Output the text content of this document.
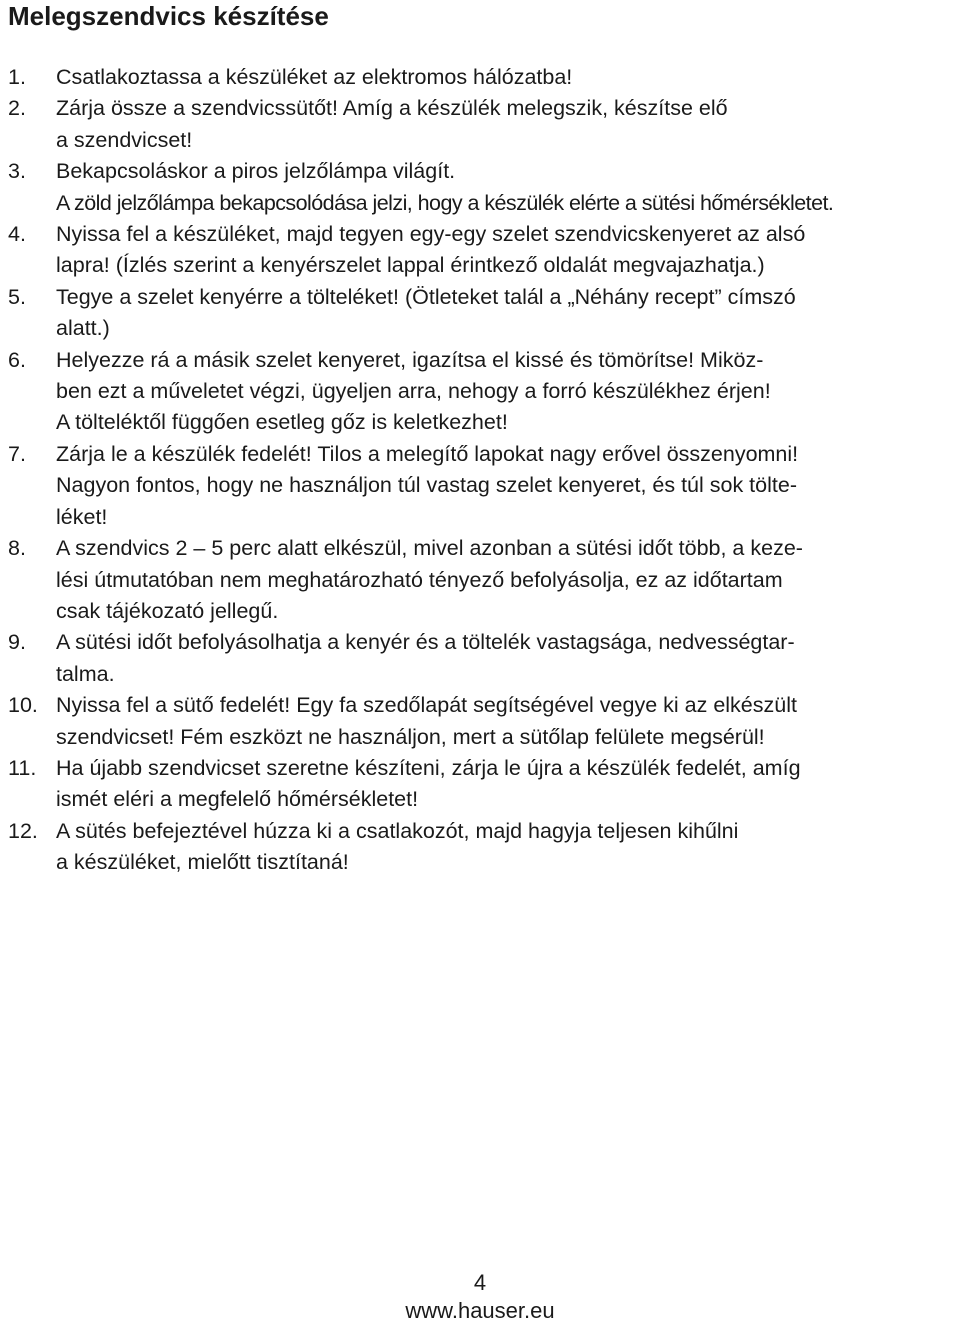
Melegszendvics készítése
1. Csatlakoztassa a készüléket az elektromos hálózatba!
2. Zárja össze a szendvicssütőt! Amíg a készülék melegszik, készítse elő
a szendvicset!
3. Bekapcsoláskor a piros jelzőlámpa világít.
A zöld jelzőlámpa bekapcsolódása jelzi, hogy a készülék elérte a sütési hőmérsékletet.
4. Nyissa fel a készüléket, majd tegyen egy-egy szelet szendvicskenyeret az alsó
lapra! (Ízlés szerint a kenyérszelet lappal érintkező oldalát megvajazhatja.)
5. Tegye a szelet kenyérre a tölteléket! (Ötleteket talál a „Néhány recept” címszó
alatt.)
6. Helyezze rá a másik szelet kenyeret, igazítsa el kissé és tömörítse! Miköz-
ben ezt a műveletet végzi, ügyeljen arra, nehogy a forró készülékhez érjen!
A tölteléktől függően esetleg gőz is keletkezhet!
7. Zárja le a készülék fedelét! Tilos a melegítő lapokat nagy erővel összenyomni!
Nagyon fontos, hogy ne használjon túl vastag szelet kenyeret, és túl sok tölte-
léket!
8. A szendvics 2 – 5 perc alatt elkészül, mivel azonban a sütési időt több, a keze-
lési útmutatóban nem meghatározható tényező befolyásolja, ez az időtartam
csak tájékozató jellegű.
9. A sütési időt befolyásolhatja a kenyér és a töltelék vastagsága, nedvességtar-
talma.
10. Nyissa fel a sütő fedelét! Egy fa szedőlapát segítségével vegye ki az elkészült
szendvicset! Fém eszközt ne használjon, mert a sütőlap felülete megsérül!
11. Ha újabb szendvicset szeretne készíteni, zárja le újra a készülék fedelét, amíg
ismét eléri a megfelelő hőmérsékletet!
12. A sütés befejeztével húzza ki a csatlakozót, majd hagyja teljesen kihűlni
a készüléket, mielőtt tisztítaná!
4
www.hauser.eu
